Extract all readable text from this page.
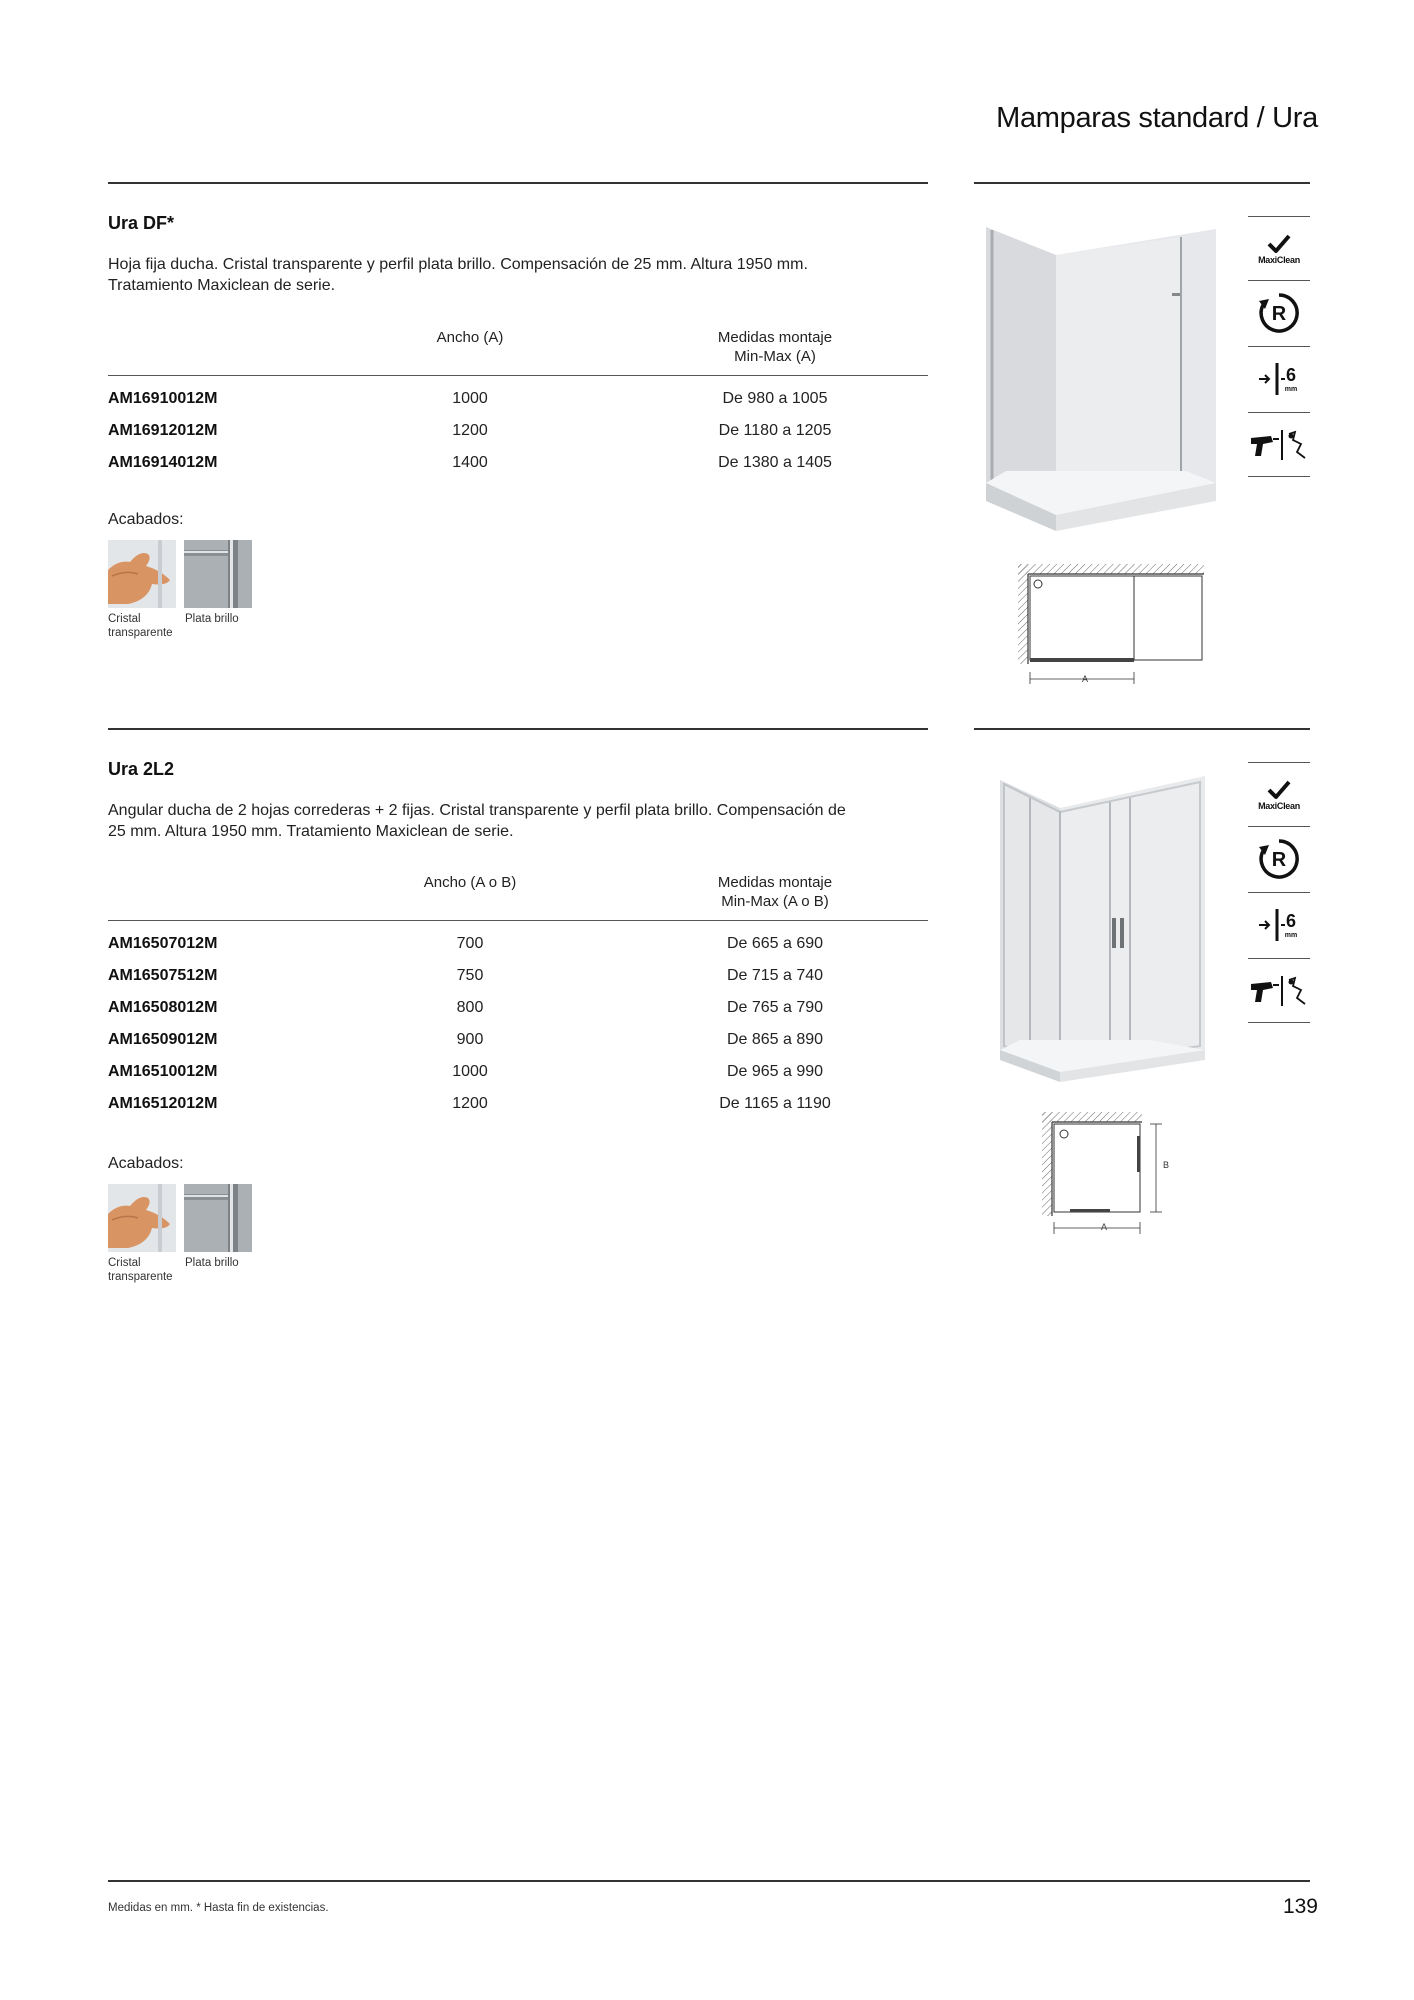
Mamparas standard / Ura
Ura DF*
Hoja fija ducha. Cristal transparente y perfil plata brillo. Compensación de 25 mm. Altura 1950 mm.
Tratamiento Maxiclean de serie.
Ancho (A)	Medidas montaje
Min-Max (A)
AM16910012M	1000	De 980 a 1005
AM16912012M	1200	De 1180 a 1205
AM16914012M	1400	De 1380 a 1405
Acabados:
Cristal
transparente
Plata brillo
A
MaxiClean
R
6
mm
Ura 2L2
Angular ducha de 2 hojas correderas + 2 fijas. Cristal transparente y perfil plata brillo. Compensación de
25 mm. Altura 1950 mm. Tratamiento Maxiclean de serie.
Ancho (A o B)	Medidas montaje
Min-Max (A o B)
AM16507012M	700	De 665 a 690
AM16507512M	750	De 715 a 740
AM16508012M	800	De 765 a 790
AM16509012M	900	De 865 a 890
AM16510012M	1000	De 965 a 990
AM16512012M	1200	De 1165 a 1190
Acabados:
Cristal
transparente
Plata brillo
A
B
MaxiClean
R
6
mm
Medidas en mm. * Hasta fin de existencias.	139
